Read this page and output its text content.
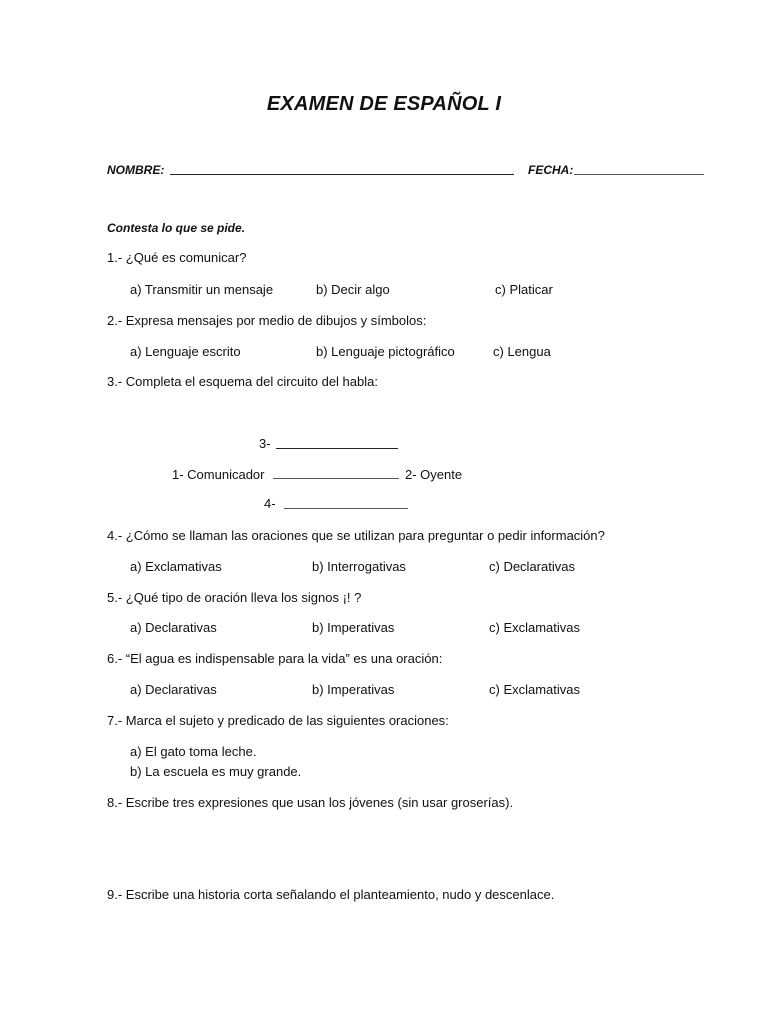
EXAMEN DE ESPAÑOL I
NOMBRE:	FECHA:
Contesta lo que se pide.
1.- ¿Qué es comunicar?
a) Transmitir un mensaje	b) Decir algo	c) Platicar
2.- Expresa mensajes por medio de dibujos y símbolos:
a) Lenguaje escrito	b) Lenguaje pictográfico	c) Lengua
3.- Completa el esquema del circuito del habla:
3-
1- Comunicador	2- Oyente
4-
4.- ¿Cómo se llaman las oraciones que se utilizan para preguntar o pedir información?
a) Exclamativas	b) Interrogativas	c) Declarativas
5.- ¿Qué tipo de oración lleva los signos ¡! ?
a) Declarativas	b) Imperativas	c) Exclamativas
6.- “El agua es indispensable para la vida” es una oración:
a) Declarativas	b) Imperativas	c) Exclamativas
7.- Marca el sujeto y predicado de las siguientes oraciones:
a) El gato toma leche.
b) La escuela es muy grande.
8.- Escribe tres expresiones que usan los jóvenes (sin usar groserías).
9.- Escribe una historia corta señalando el planteamiento, nudo y descenlace.
